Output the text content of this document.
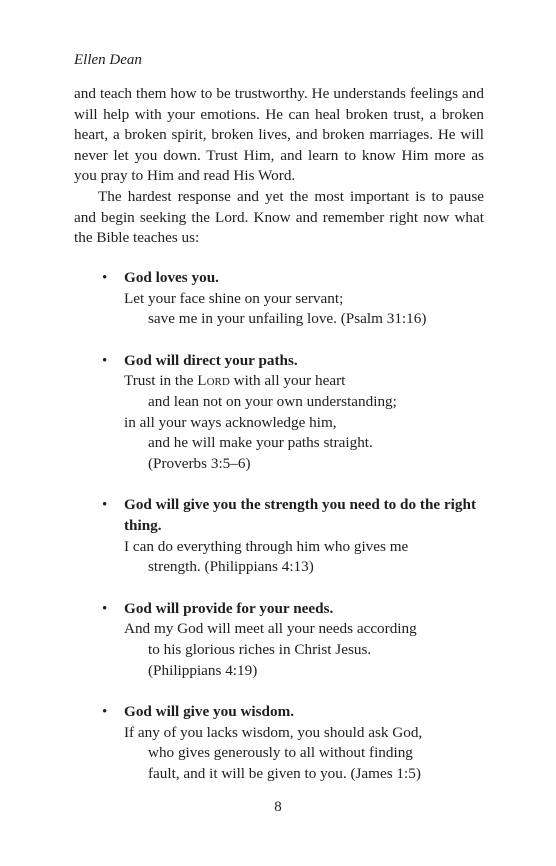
Ellen Dean

and teach them how to be trustworthy. He understands feelings and will help with your emotions. He can heal broken trust, a broken heart, a broken spirit, broken lives, and broken marriages. He will never let you down. Trust Him, and learn to know Him more as you pray to Him and read His Word.

The hardest response and yet the most important is to pause and begin seeking the Lord. Know and remember right now what the Bible teaches us:

• God loves you.
Let your face shine on your servant;
save me in your unfailing love. (Psalm 31:16)
• God will direct your paths.
Trust in the Lord with all your heart
and lean not on your own understanding;
in all your ways acknowledge him,
and he will make your paths straight.
(Proverbs 3:5–6)
• God will give you the strength you need to do the right thing.
I can do everything through him who gives me
strength. (Philippians 4:13)
• God will provide for your needs.
And my God will meet all your needs according
to his glorious riches in Christ Jesus.
(Philippians 4:19)
• God will give you wisdom.
If any of you lacks wisdom, you should ask God,
who gives generously to all without finding
fault, and it will be given to you. (James 1:5)
8
